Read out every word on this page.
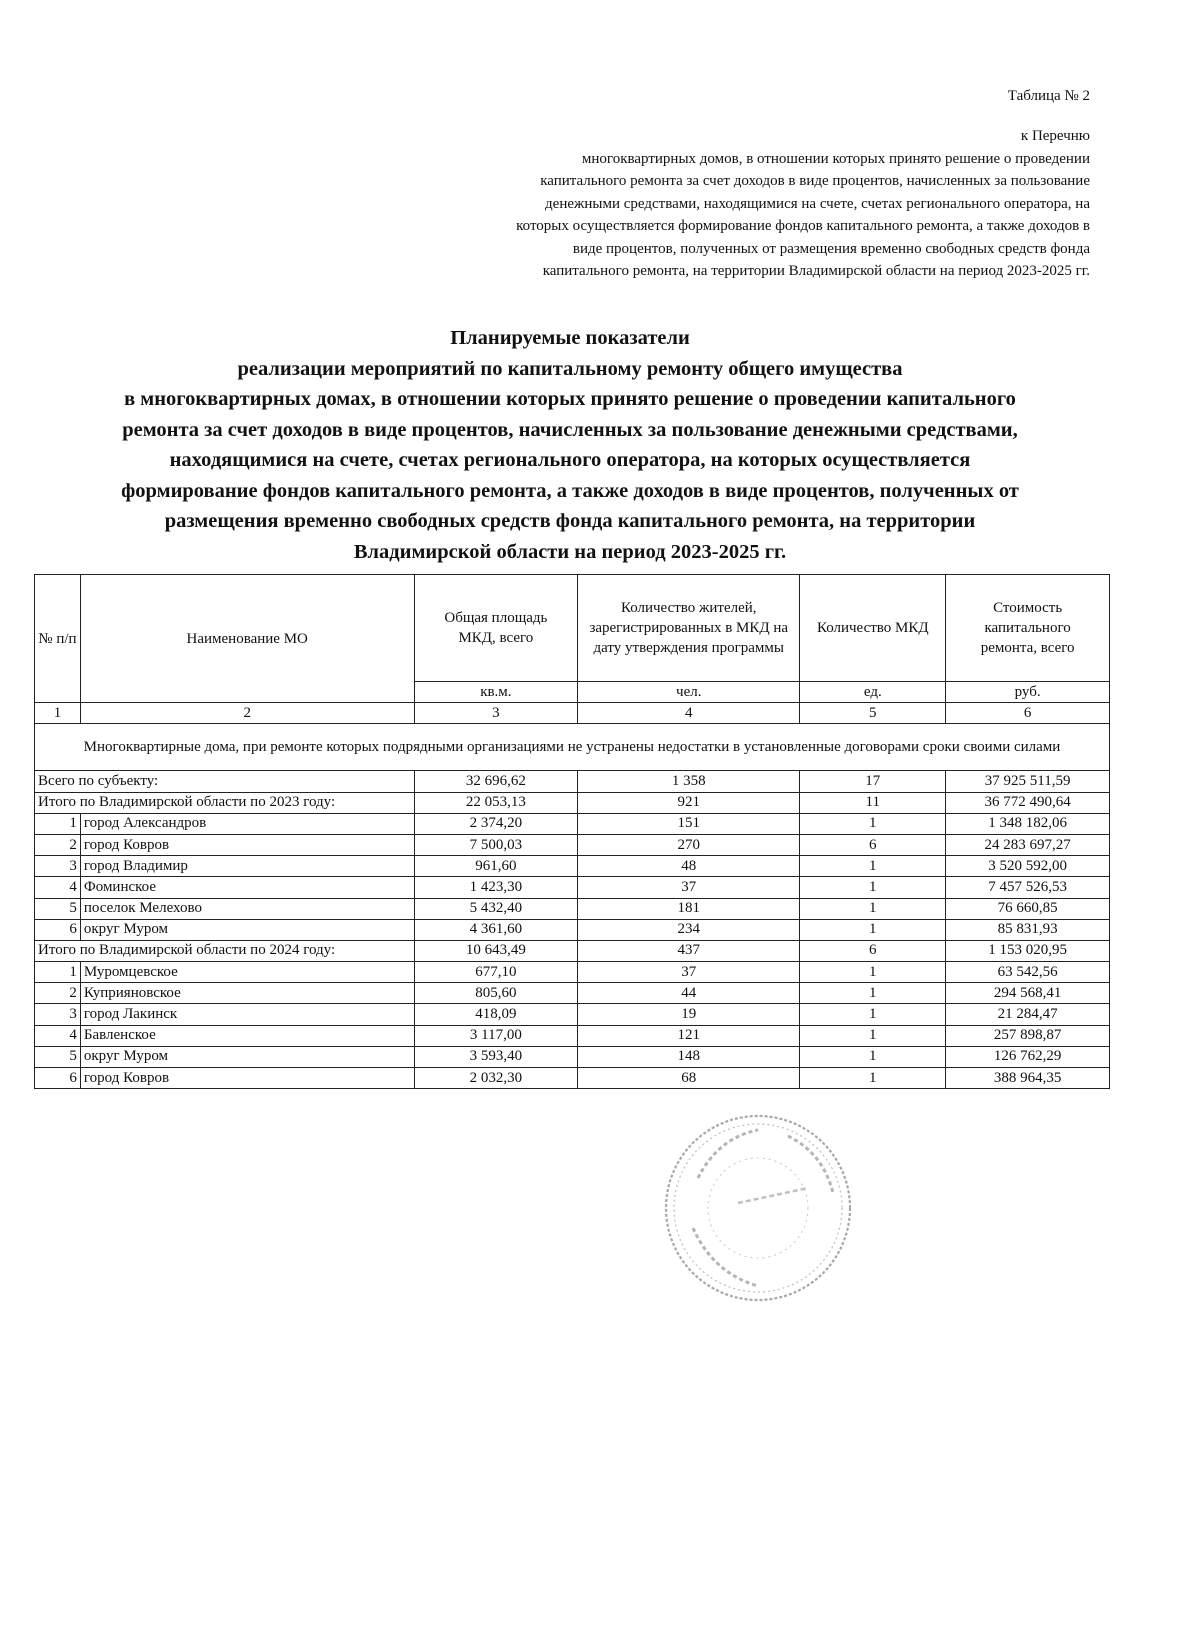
Таблица № 2
к Перечню
многоквартирных домов, в отношении которых принято решение о проведении
капитального ремонта за счет доходов в виде процентов, начисленных за пользование
денежными средствами, находящимися на счете, счетах регионального оператора, на
которых осуществляется формирование фондов капитального ремонта, а также доходов в
виде процентов, полученных от размещения временно свободных средств фонда
капитального ремонта, на территории Владимирской области на период 2023-2025 гг.
Планируемые показатели
реализации мероприятий по капитальному ремонту общего имущества
в многоквартирных домах, в отношении которых принято решение о проведении капитального
ремонта за счет доходов в виде процентов, начисленных за пользование денежными средствами,
находящимися на счете, счетах регионального оператора, на которых осуществляется
формирование фондов капитального ремонта, а также доходов в виде процентов, полученных от
размещения временно свободных средств фонда капитального ремонта, на территории
Владимирской области на период 2023-2025 гг.
№ п/п	Наименование МО	Общая площадь МКД, всего	Количество жителей, зарегистрированных в МКД на дату утверждения программы	Количество МКД	Стоимость капитального ремонта, всего
		кв.м.	чел.	ед.	руб.
1	2	3	4	5	6
Многоквартирные дома, при ремонте которых подрядными организациями не устранены недостатки в установленные договорами сроки своими силами					
Всего по субъекту:		32 696,62	1 358	17	37 925 511,59
Итого по Владимирской области по 2023 году:		22 053,13	921	11	36 772 490,64
1	город Александров	2 374,20	151	1	1 348 182,06
2	город Ковров	7 500,03	270	6	24 283 697,27
3	город Владимир	961,60	48	1	3 520 592,00
4	Фоминское	1 423,30	37	1	7 457 526,53
5	поселок Мелехово	5 432,40	181	1	76 660,85
6	округ Муром	4 361,60	234	1	85 831,93
Итого по Владимирской области по 2024 году:		10 643,49	437	6	1 153 020,95
1	Муромцевское	677,10	37	1	63 542,56
2	Куприяновское	805,60	44	1	294 568,41
3	город Лакинск	418,09	19	1	21 284,47
4	Бавленское	3 117,00	121	1	257 898,87
5	округ Муром	3 593,40	148	1	126 762,29
6	город Ковров	2 032,30	68	1	388 964,35
